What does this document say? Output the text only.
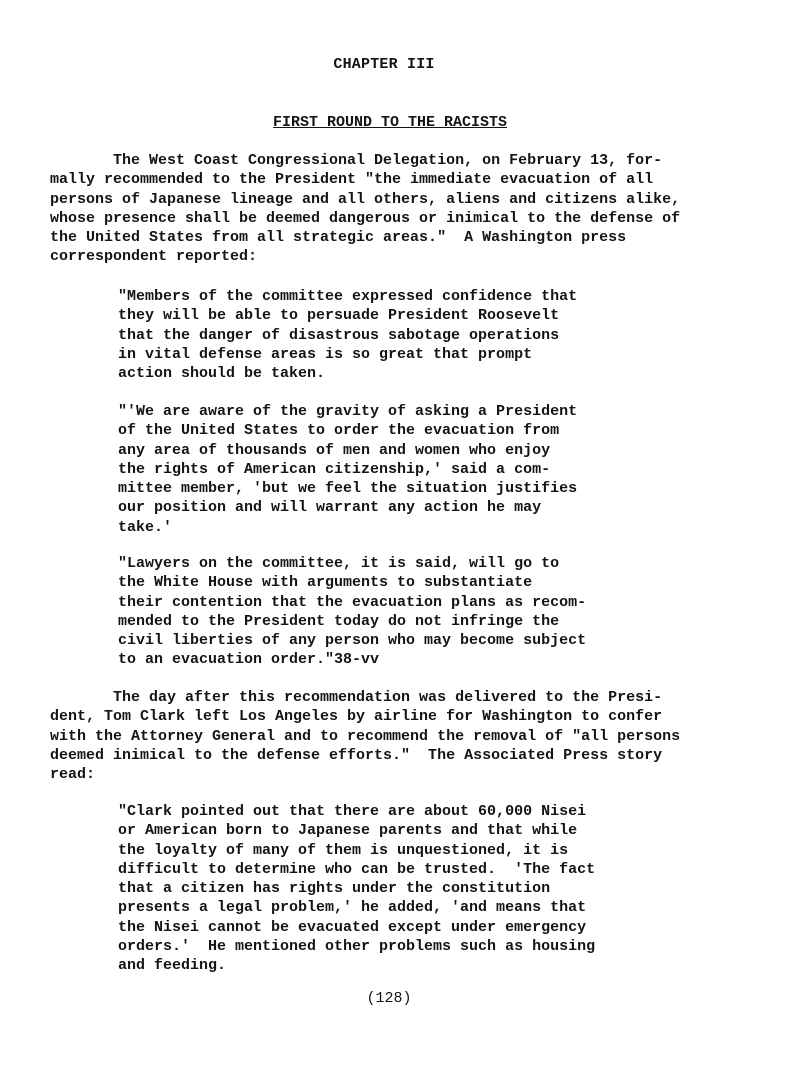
CHAPTER III
FIRST ROUND TO THE RACISTS

The West Coast Congressional Delegation, on February 13, for-
mally recommended to the President "the immediate evacuation of all
persons of Japanese lineage and all others, aliens and citizens alike,
whose presence shall be deemed dangerous or inimical to the defense of
the United States from all strategic areas."  A Washington press
correspondent reported:

"Members of the committee expressed confidence that
they will be able to persuade President Roosevelt
that the danger of disastrous sabotage operations
in vital defense areas is so great that prompt
action should be taken.

"'We are aware of the gravity of asking a President
of the United States to order the evacuation from
any area of thousands of men and women who enjoy
the rights of American citizenship,' said a com-
mittee member, 'but we feel the situation justifies
our position and will warrant any action he may
take.'

"Lawyers on the committee, it is said, will go to
the White House with arguments to substantiate
their contention that the evacuation plans as recom-
mended to the President today do not infringe the
civil liberties of any person who may become subject
to an evacuation order."38-vv

The day after this recommendation was delivered to the Presi-
dent, Tom Clark left Los Angeles by airline for Washington to confer
with the Attorney General and to recommend the removal of "all persons
deemed inimical to the defense efforts."  The Associated Press story
read:

"Clark pointed out that there are about 60,000 Nisei
or American born to Japanese parents and that while
the loyalty of many of them is unquestioned, it is
difficult to determine who can be trusted.  'The fact
that a citizen has rights under the constitution
presents a legal problem,' he added, 'and means that
the Nisei cannot be evacuated except under emergency
orders.'  He mentioned other problems such as housing
and feeding.

(128)
